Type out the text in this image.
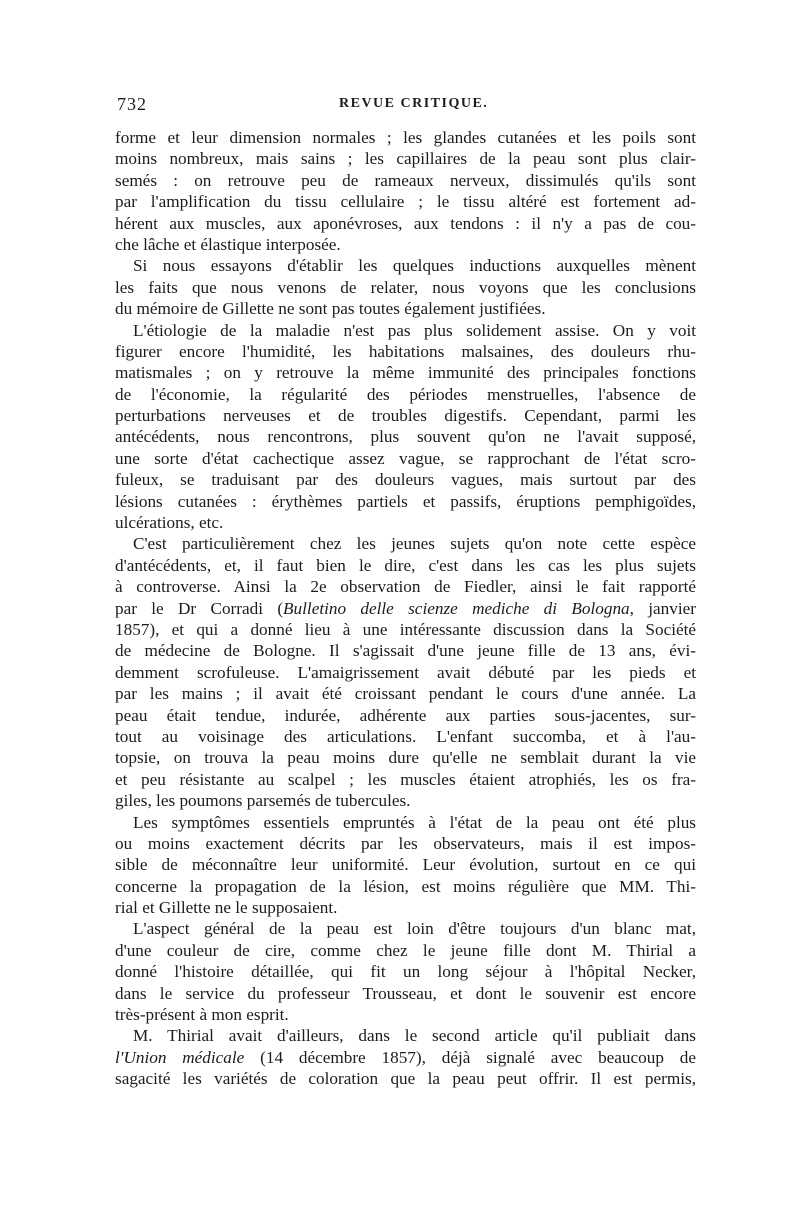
732	REVUE CRITIQUE.
forme et leur dimension normales ; les glandes cutanées et les poils sont
moins nombreux, mais sains ; les capillaires de la peau sont plus clair-
semés : on retrouve peu de rameaux nerveux, dissimulés qu'ils sont
par l'amplification du tissu cellulaire ; le tissu altéré est fortement ad-
hérent aux muscles, aux aponévroses, aux tendons : il n'y a pas de cou-
che lâche et élastique interposée.
Si nous essayons d'établir les quelques inductions auxquelles mènent
les faits que nous venons de relater, nous voyons que les conclusions
du mémoire de Gillette ne sont pas toutes également justifiées.
L'étiologie de la maladie n'est pas plus solidement assise. On y voit
figurer encore l'humidité, les habitations malsaines, des douleurs rhu-
matismales ; on y retrouve la même immunité des principales fonctions
de l'économie, la régularité des périodes menstruelles, l'absence de
perturbations nerveuses et de troubles digestifs. Cependant, parmi les
antécédents, nous rencontrons, plus souvent qu'on ne l'avait supposé,
une sorte d'état cachectique assez vague, se rapprochant de l'état scro-
fuleux, se traduisant par des douleurs vagues, mais surtout par des
lésions cutanées : érythèmes partiels et passifs, éruptions pemphigoïdes,
ulcérations, etc.
C'est particulièrement chez les jeunes sujets qu'on note cette espèce
d'antécédents, et, il faut bien le dire, c'est dans les cas les plus sujets
à controverse. Ainsi la 2e observation de Fiedler, ainsi le fait rapporté
par le Dr Corradi (Bulletino delle scienze mediche di Bologna, janvier
1857), et qui a donné lieu à une intéressante discussion dans la Société
de médecine de Bologne. Il s'agissait d'une jeune fille de 13 ans, évi-
demment scrofuleuse. L'amaigrissement avait débuté par les pieds et
par les mains ; il avait été croissant pendant le cours d'une année. La
peau était tendue, indurée, adhérente aux parties sous-jacentes, sur-
tout au voisinage des articulations. L'enfant succomba, et à l'au-
topsie, on trouva la peau moins dure qu'elle ne semblait durant la vie
et peu résistante au scalpel ; les muscles étaient atrophiés, les os fra-
giles, les poumons parsemés de tubercules.
Les symptômes essentiels empruntés à l'état de la peau ont été plus
ou moins exactement décrits par les observateurs, mais il est impos-
sible de méconnaître leur uniformité. Leur évolution, surtout en ce qui
concerne la propagation de la lésion, est moins régulière que MM. Thi-
rial et Gillette ne le supposaient.
L'aspect général de la peau est loin d'être toujours d'un blanc mat,
d'une couleur de cire, comme chez le jeune fille dont M. Thirial a
donné l'histoire détaillée, qui fit un long séjour à l'hôpital Necker,
dans le service du professeur Trousseau, et dont le souvenir est encore
très-présent à mon esprit.
M. Thirial avait d'ailleurs, dans le second article qu'il publiait dans
l'Union médicale (14 décembre 1857), déjà signalé avec beaucoup de
sagacité les variétés de coloration que la peau peut offrir. Il est permis,
